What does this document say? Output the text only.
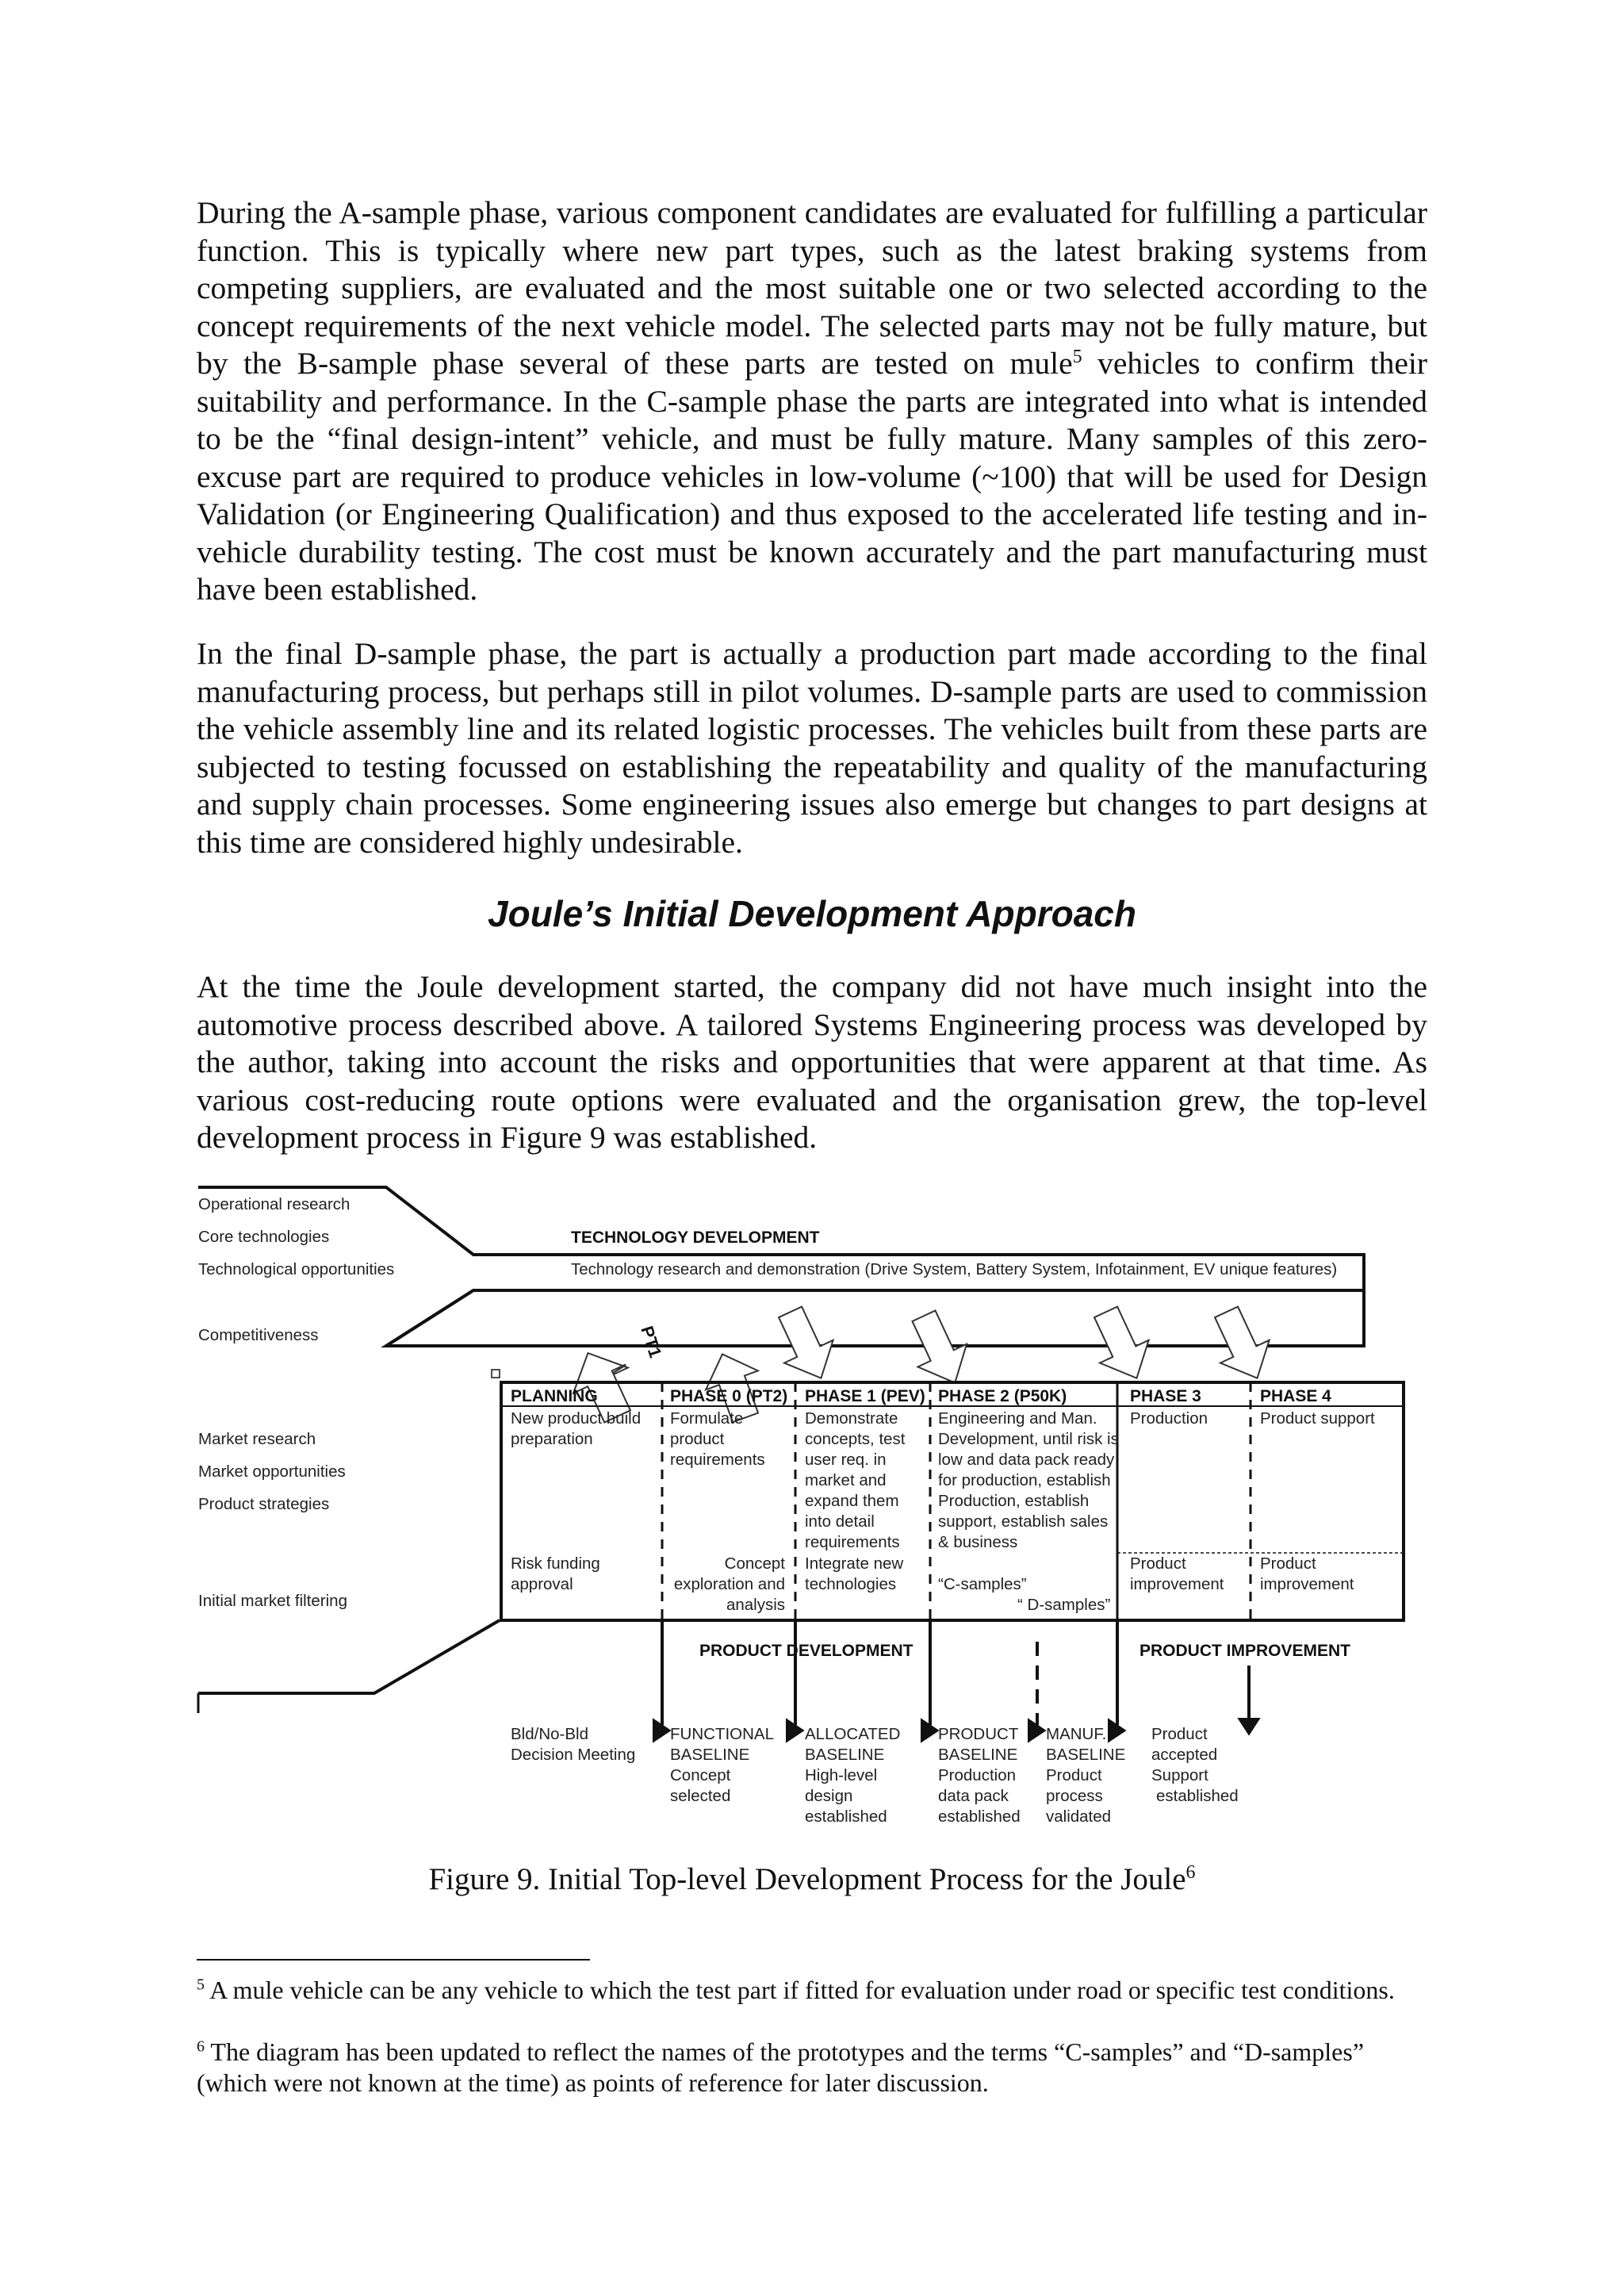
During the A-sample phase, various component candidates are evaluated for fulfilling a particular function. This is typically where new part types, such as the latest braking systems from competing suppliers, are evaluated and the most suitable one or two selected according to the concept requirements of the next vehicle model. The selected parts may not be fully mature, but by the B-sample phase several of these parts are tested on mule$^5$ vehicles to confirm their suitability and performance. In the C-sample phase the parts are integrated into what is intended to be the “final design-intent” vehicle, and must be fully mature. Many samples of this zero-excuse part are required to produce vehicles in low-volume (~100) that will be used for Design Validation (or Engineering Qualification) and thus exposed to the accelerated life testing and in-vehicle durability testing. The cost must be known accurately and the part manufacturing must have been established.

In the final D-sample phase, the part is actually a production part made according to the final manufacturing process, but perhaps still in pilot volumes. D-sample parts are used to commission the vehicle assembly line and its related logistic processes. The vehicles built from these parts are subjected to testing focussed on establishing the repeatability and quality of the manufacturing and supply chain processes. Some engineering issues also emerge but changes to part designs at this time are considered highly undesirable.

Joule’s Initial Development Approach

At the time the Joule development started, the company did not have much insight into the automotive process described above. A tailored Systems Engineering process was developed by the author, taking into account the risks and opportunities that were apparent at that time. As various cost-reducing route options were evaluated and the organisation grew, the top-level development process in Figure 9 was established.

Operational research
Core technologies
Technological opportunities
Competitiveness
Market research
Market opportunities
Product strategies
Initial market filtering
TECHNOLOGY DEVELOPMENT
Technology research and demonstration (Drive System, Battery System, Infotainment, EV unique features)
PT1
PLANNING
New product build
preparation
Risk funding
approval
PHASE 0 (PT2)
Formulate
product
requirements
Concept
exploration and
analysis
PHASE 1 (PEV)
Demonstrate
concepts, test
user req. in
market and
expand them
into detail
requirements
Integrate new
technologies
PHASE 2 (P50K)
Engineering and Man.
Development, until risk is
low and data pack ready
for production, establish
Production, establish
support, establish sales
& business
“C-samples”
“ D-samples”
PHASE 3
Production
Product
improvement
PHASE 4
Product support
Product
improvement
PRODUCT DEVELOPMENT	PRODUCT IMPROVEMENT
Bld/No-Bld
Decision Meeting
FUNCTIONAL
BASELINE
Concept
selected
ALLOCATED
BASELINE
High-level
design
established
PRODUCT
BASELINE
Production
data pack
established
MANUF.
BASELINE
Product
process
validated
Product
accepted
Support
established

Figure 9. Initial Top-level Development Process for the Joule$^6$

$^5$ A mule vehicle can be any vehicle to which the test part if fitted for evaluation under road or specific test conditions.

$^6$ The diagram has been updated to reflect the names of the prototypes and the terms “C-samples” and “D-samples” (which were not known at the time) as points of reference for later discussion.
